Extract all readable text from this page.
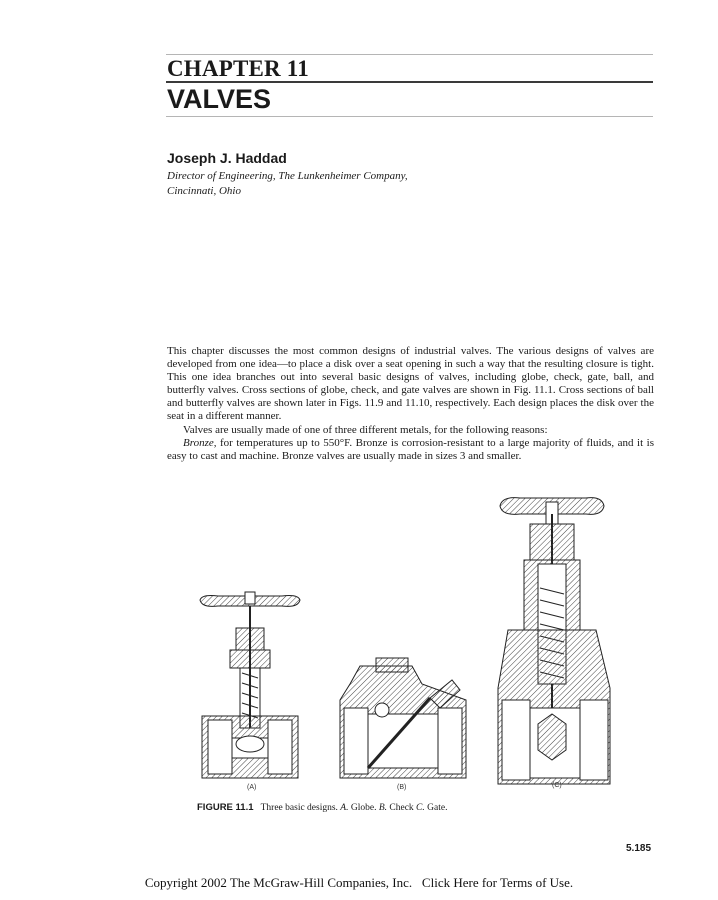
CHAPTER 11
VALVES
Joseph J. Haddad
Director of Engineering, The Lunkenheimer Company,
Cincinnati, Ohio

This chapter discusses the most common designs of industrial valves. The various designs of valves are developed from one idea—to place a disk over a seat opening in such a way that the resulting closure is tight. This one idea branches out into several basic designs of valves, including globe, check, gate, ball, and butterfly valves. Cross sections of globe, check, and gate valves are shown in Fig. 11.1. Cross sections of ball and butterfly valves are shown later in Figs. 11.9 and 11.10, respectively. Each design places the disk over the seat in a different manner.

Valves are usually made of one of three different metals, for the following reasons:

Bronze, for temperatures up to 550°F. Bronze is corrosion-resistant to a large majority of fluids, and it is easy to cast and machine. Bronze valves are usually made in sizes 3 and smaller.

(A)	(B)	(C)
FIGURE 11.1 Three basic designs. A. Globe. B. Check C. Gate.
5.185
Copyright 2002 The McGraw-Hill Companies, Inc. Click Here for Terms of Use.
